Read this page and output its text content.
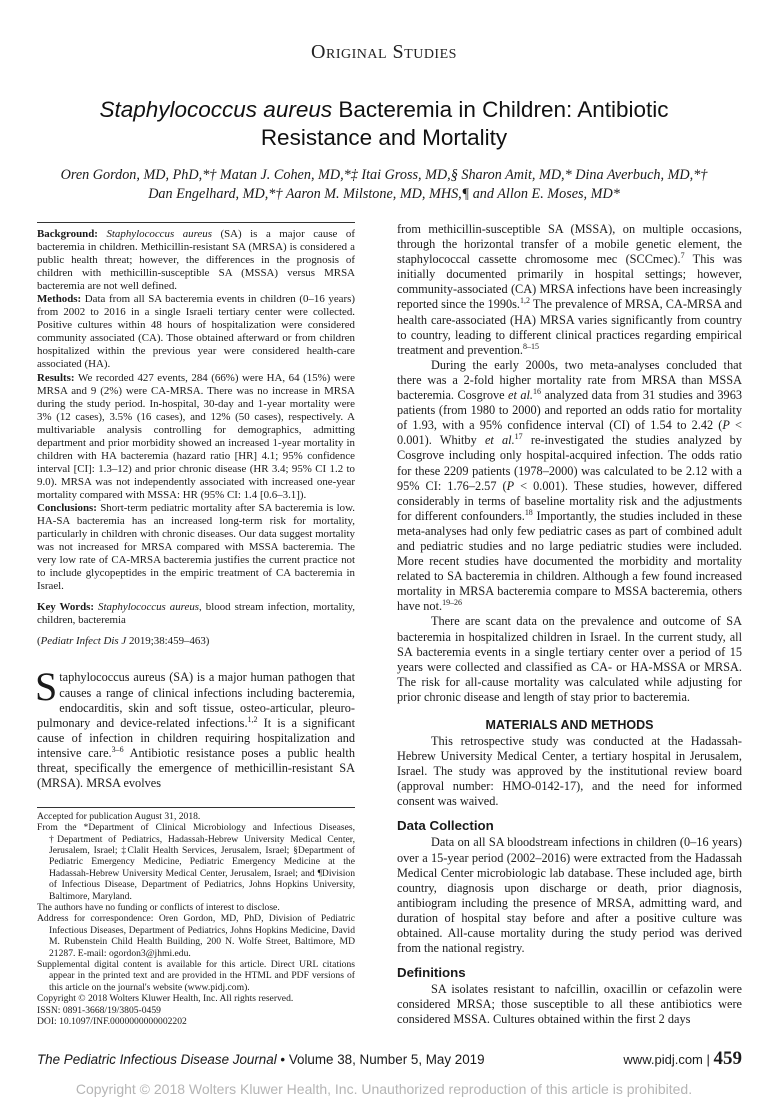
Original Studies
Staphylococcus aureus Bacteremia in Children: Antibiotic Resistance and Mortality
Oren Gordon, MD, PhD,*† Matan J. Cohen, MD,*‡ Itai Gross, MD,§ Sharon Amit, MD,* Dina Averbuch, MD,*†
Dan Engelhard, MD,*† Aaron M. Milstone, MD, MHS,¶ and Allon E. Moses, MD*

Background: Staphylococcus aureus (SA) is a major cause of bacteremia in children. Methicillin-resistant SA (MRSA) is considered a public health threat; however, the differences in the prognosis of children with methicillin-susceptible SA (MSSA) versus MRSA bacteremia are not well defined.

Methods: Data from all SA bacteremia events in children (0–16 years) from 2002 to 2016 in a single Israeli tertiary center were collected. Positive cultures within 48 hours of hospitalization were considered community associated (CA). Those obtained afterward or from children hospitalized within the previous year were considered health-care associated (HA).

Results: We recorded 427 events, 284 (66%) were HA, 64 (15%) were MRSA and 9 (2%) were CA-MRSA. There was no increase in MRSA during the study period. In-hospital, 30-day and 1-year mortality were 3% (12 cases), 3.5% (16 cases), and 12% (50 cases), respectively. A multivariable analysis controlling for demographics, admitting department and prior morbidity showed an increased 1-year mortality in children with HA bacteremia (hazard ratio [HR] 4.1; 95% confidence interval [CI]: 1.3–12) and prior chronic disease (HR 3.4; 95% CI 1.2 to 9.0). MRSA was not independently associated with increased one-year mortality compared with MSSA: HR (95% CI: 1.4 [0.6–3.1]).

Conclusions: Short-term pediatric mortality after SA bacteremia is low. HA-SA bacteremia has an increased long-term risk for mortality, particularly in children with chronic diseases. Our data suggest mortality was not increased for MRSA compared with MSSA bacteremia. The very low rate of CA-MRSA bacteremia justifies the current practice not to include glycopeptides in the empiric treatment of CA bacteremia in Israel.

Key Words: Staphylococcus aureus, blood stream infection, mortality, children, bacteremia

(Pediatr Infect Dis J 2019;38:459–463)

Staphylococcus aureus (SA) is a major human pathogen that causes a range of clinical infections including bacteremia, endocarditis, skin and soft tissue, osteo-articular, pleuro-pulmonary and device-related infections.$^{1,2}$ It is a significant cause of infection in children requiring hospitalization and intensive care.$^{3-6}$ Antibiotic resistance poses a public health threat, specifically the emergence of methicillin-resistant SA (MRSA). MRSA evolves

Accepted for publication August 31, 2018.

From the *Department of Clinical Microbiology and Infectious Diseases, †Department of Pediatrics, Hadassah-Hebrew University Medical Center, Jerusalem, Israel; ‡Clalit Health Services, Jerusalem, Israel; §Department of Pediatric Emergency Medicine, Pediatric Emergency Medicine at the Hadassah-Hebrew University Medical Center, Jerusalem, Israel; and ¶Division of Infectious Disease, Department of Pediatrics, Johns Hopkins University, Baltimore, Maryland.

The authors have no funding or conflicts of interest to disclose.

Address for correspondence: Oren Gordon, MD, PhD, Division of Pediatric Infectious Diseases, Department of Pediatrics, Johns Hopkins Medicine, David M. Rubenstein Child Health Building, 200 N. Wolfe Street, Baltimore, MD 21287. E-mail: ogordon3@jhmi.edu.

Supplemental digital content is available for this article. Direct URL citations appear in the printed text and are provided in the HTML and PDF versions of this article on the journal's website (www.pidj.com).

Copyright © 2018 Wolters Kluwer Health, Inc. All rights reserved.

ISSN: 0891-3668/19/3805-0459

DOI: 10.1097/INF.0000000000002202

from methicillin-susceptible SA (MSSA), on multiple occasions, through the horizontal transfer of a mobile genetic element, the staphylococcal cassette chromosome mec (SCCmec).$^7$ This was initially documented primarily in hospital settings; however, community-associated (CA) MRSA infections have been increasingly reported since the 1990s.$^{1,2}$ The prevalence of MRSA, CA-MRSA and health care-associated (HA) MRSA varies significantly from country to country, leading to different clinical practices regarding empirical treatment and prevention.$^{8-15}$

During the early 2000s, two meta-analyses concluded that there was a 2-fold higher mortality rate from MRSA than MSSA bacteremia. Cosgrove et al.$^{16}$ analyzed data from 31 studies and 3963 patients (from 1980 to 2000) and reported an odds ratio for mortality of 1.93, with a 95% confidence interval (CI) of 1.54 to 2.42 (P < 0.001). Whitby et al.$^{17}$ re-investigated the studies analyzed by Cosgrove including only hospital-acquired infection. The odds ratio for these 2209 patients (1978–2000) was calculated to be 2.12 with a 95% CI: 1.76–2.57 (P < 0.001). These studies, however, differed considerably in terms of baseline mortality risk and the adjustments for different confounders.$^{18}$ Importantly, the studies included in these meta-analyses had only few pediatric cases as part of combined adult and pediatric studies and no large pediatric studies were included. More recent studies have documented the morbidity and mortality related to SA bacteremia in children. Although a few found increased mortality in MRSA bacteremia compare to MSSA bacteremia, others have not.$^{19-26}$

There are scant data on the prevalence and outcome of SA bacteremia in hospitalized children in Israel. In the current study, all SA bacteremia events in a single tertiary center over a period of 15 years were collected and classified as CA- or HA-MSSA or MRSA. The risk for all-cause mortality was calculated while adjusting for prior chronic disease and length of stay prior to bacteremia.

MATERIALS AND METHODS

This retrospective study was conducted at the Hadassah-Hebrew University Medical Center, a tertiary hospital in Jerusalem, Israel. The study was approved by the institutional review board (approval number: HMO-0142-17), and the need for informed consent was waived.

Data Collection

Data on all SA bloodstream infections in children (0–16 years) over a 15-year period (2002–2016) were extracted from the Hadassah Medical Center microbiologic lab database. These included age, birth country, diagnosis upon discharge or death, prior diagnosis, antibiogram including the presence of MRSA, admitting ward, and duration of hospital stay before and after a positive culture was obtained. All-cause mortality during the study period was derived from the national registry.

Definitions

SA isolates resistant to nafcillin, oxacillin or cefazolin were considered MRSA; those susceptible to all these antibiotics were considered MSSA. Cultures obtained within the first 2 days

The Pediatric Infectious Disease Journal • Volume 38, Number 5, May 2019	www.pidj.com | 459
Copyright © 2018 Wolters Kluwer Health, Inc. Unauthorized reproduction of this article is prohibited.
